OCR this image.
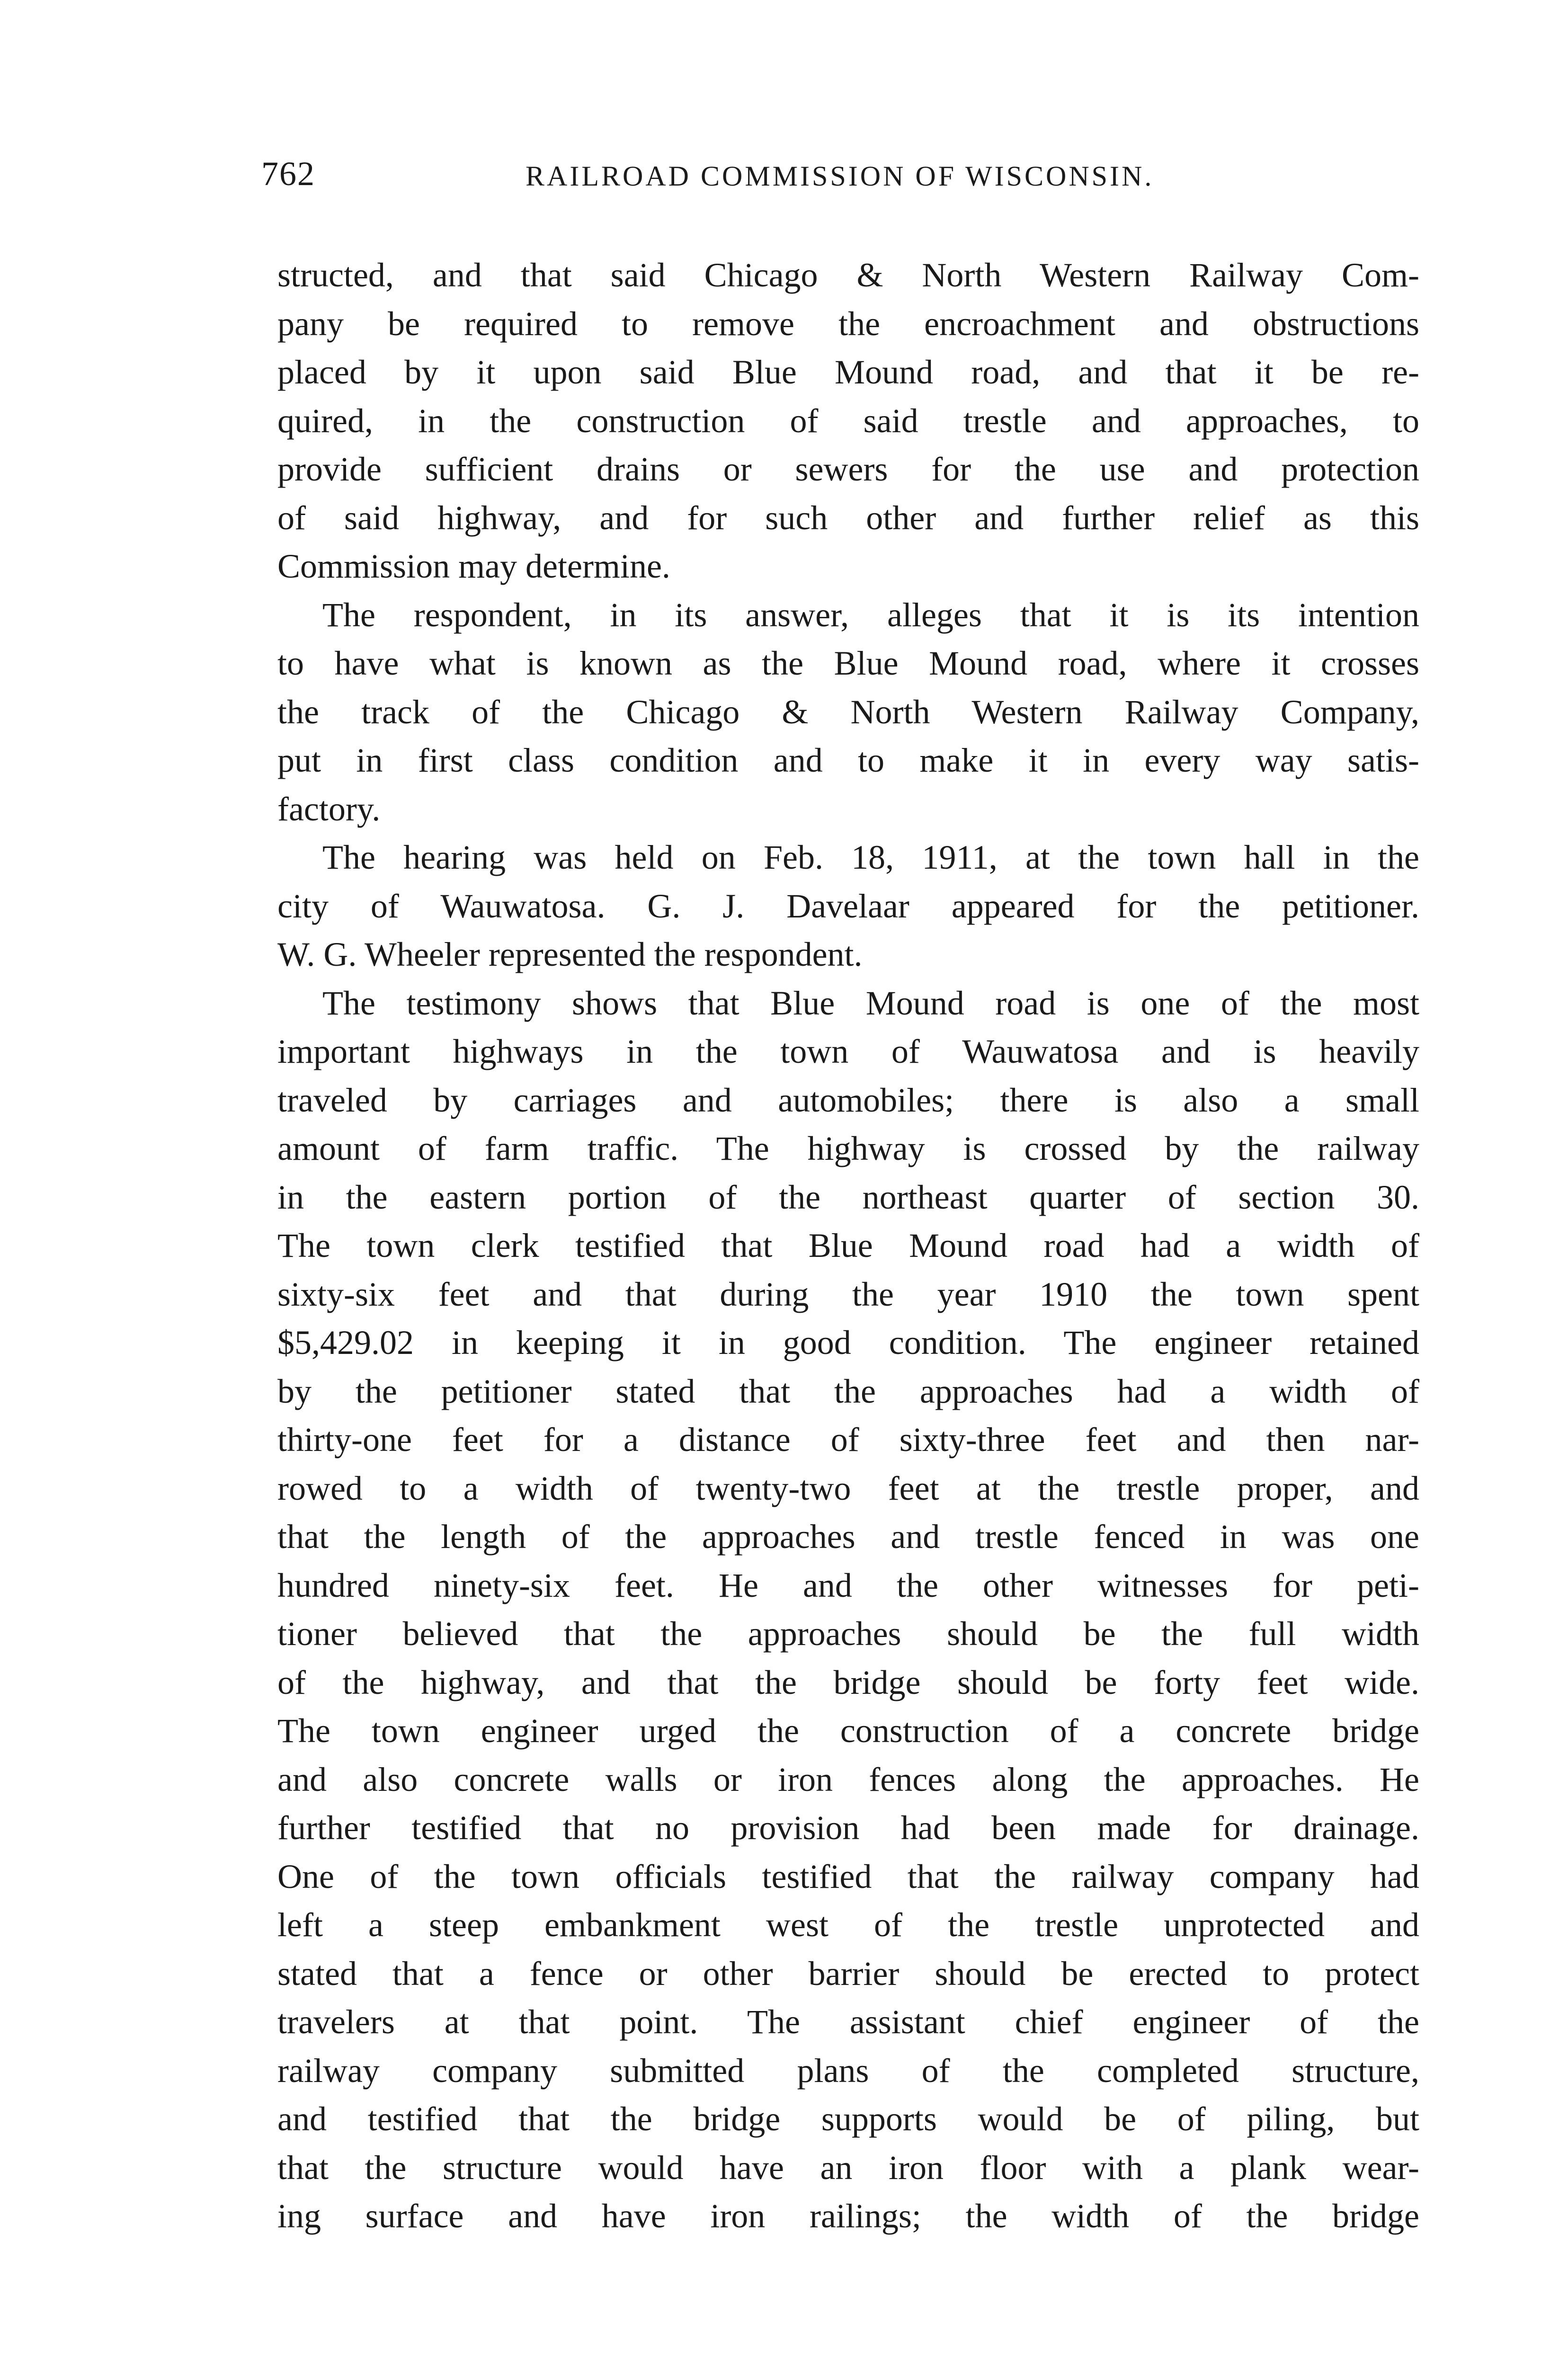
762	RAILROAD COMMISSION OF WISCONSIN.
structed, and that said Chicago & North Western Railway Com-
pany be required to remove the encroachment and obstructions
placed by it upon said Blue Mound road, and that it be re-
quired, in the construction of said trestle and approaches, to
provide sufficient drains or sewers for the use and protection
of said highway, and for such other and further relief as this
Commission may determine.
The respondent, in its answer, alleges that it is its intention
to have what is known as the Blue Mound road, where it crosses
the track of the Chicago & North Western Railway Company,
put in first class condition and to make it in every way satis-
factory.
The hearing was held on Feb. 18, 1911, at the town hall in the
city of Wauwatosa. G. J. Davelaar appeared for the petitioner.
W. G. Wheeler represented the respondent.
The testimony shows that Blue Mound road is one of the most
important highways in the town of Wauwatosa and is heavily
traveled by carriages and automobiles; there is also a small
amount of farm traffic. The highway is crossed by the railway
in the eastern portion of the northeast quarter of section 30.
The town clerk testified that Blue Mound road had a width of
sixty-six feet and that during the year 1910 the town spent
$5,429.02 in keeping it in good condition. The engineer retained
by the petitioner stated that the approaches had a width of
thirty-one feet for a distance of sixty-three feet and then nar-
rowed to a width of twenty-two feet at the trestle proper, and
that the length of the approaches and trestle fenced in was one
hundred ninety-six feet. He and the other witnesses for peti-
tioner believed that the approaches should be the full width
of the highway, and that the bridge should be forty feet wide.
The town engineer urged the construction of a concrete bridge
and also concrete walls or iron fences along the approaches. He
further testified that no provision had been made for drainage.
One of the town officials testified that the railway company had
left a steep embankment west of the trestle unprotected and
stated that a fence or other barrier should be erected to protect
travelers at that point. The assistant chief engineer of the
railway company submitted plans of the completed structure,
and testified that the bridge supports would be of piling, but
that the structure would have an iron floor with a plank wear-
ing surface and have iron railings; the width of the bridge
